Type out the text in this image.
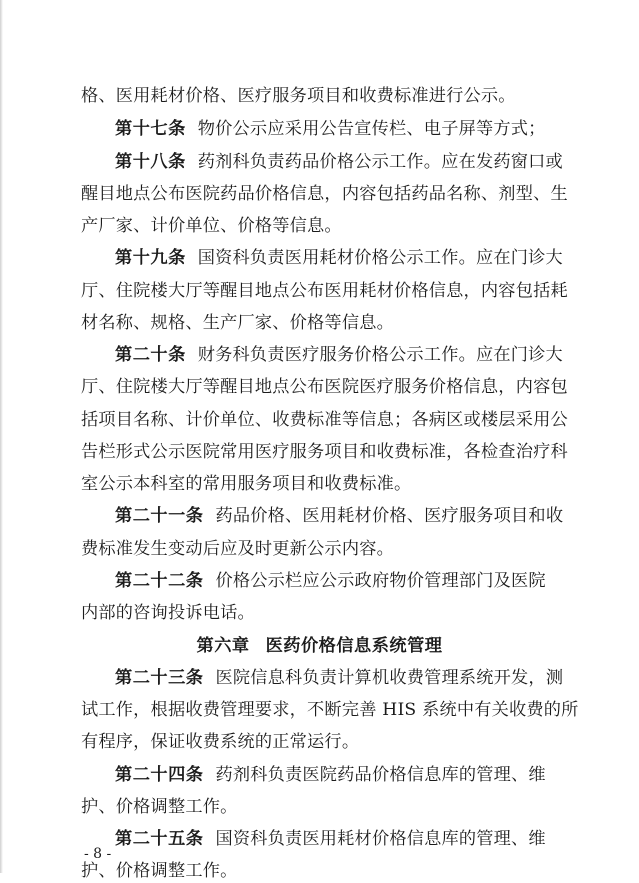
格、医用耗材价格、医疗服务项目和收费标准进行公示。
第十七条 物价公示应采用公告宣传栏、电子屏等方式；
第十八条 药剂科负责药品价格公示工作。应在发药窗口或
醒目地点公布医院药品价格信息，内容包括药品名称、剂型、生
产厂家、计价单位、价格等信息。
第十九条 国资科负责医用耗材价格公示工作。应在门诊大
厅、住院楼大厅等醒目地点公布医用耗材价格信息，内容包括耗
材名称、规格、生产厂家、价格等信息。
第二十条 财务科负责医疗服务价格公示工作。应在门诊大
厅、住院楼大厅等醒目地点公布医院医疗服务价格信息，内容包
括项目名称、计价单位、收费标准等信息；各病区或楼层采用公
告栏形式公示医院常用医疗服务项目和收费标准，各检查治疗科
室公示本科室的常用服务项目和收费标准。
第二十一条 药品价格、医用耗材价格、医疗服务项目和收
费标准发生变动后应及时更新公示内容。
第二十二条 价格公示栏应公示政府物价管理部门及医院
内部的咨询投诉电话。
第六章 医药价格信息系统管理
第二十三条 医院信息科负责计算机收费管理系统开发，测
试工作，根据收费管理要求，不断完善 HIS 系统中有关收费的所
有程序，保证收费系统的正常运行。
第二十四条 药剂科负责医院药品价格信息库的管理、维
护、价格调整工作。
第二十五条 国资科负责医用耗材价格信息库的管理、维
护、价格调整工作。
- 8 -
